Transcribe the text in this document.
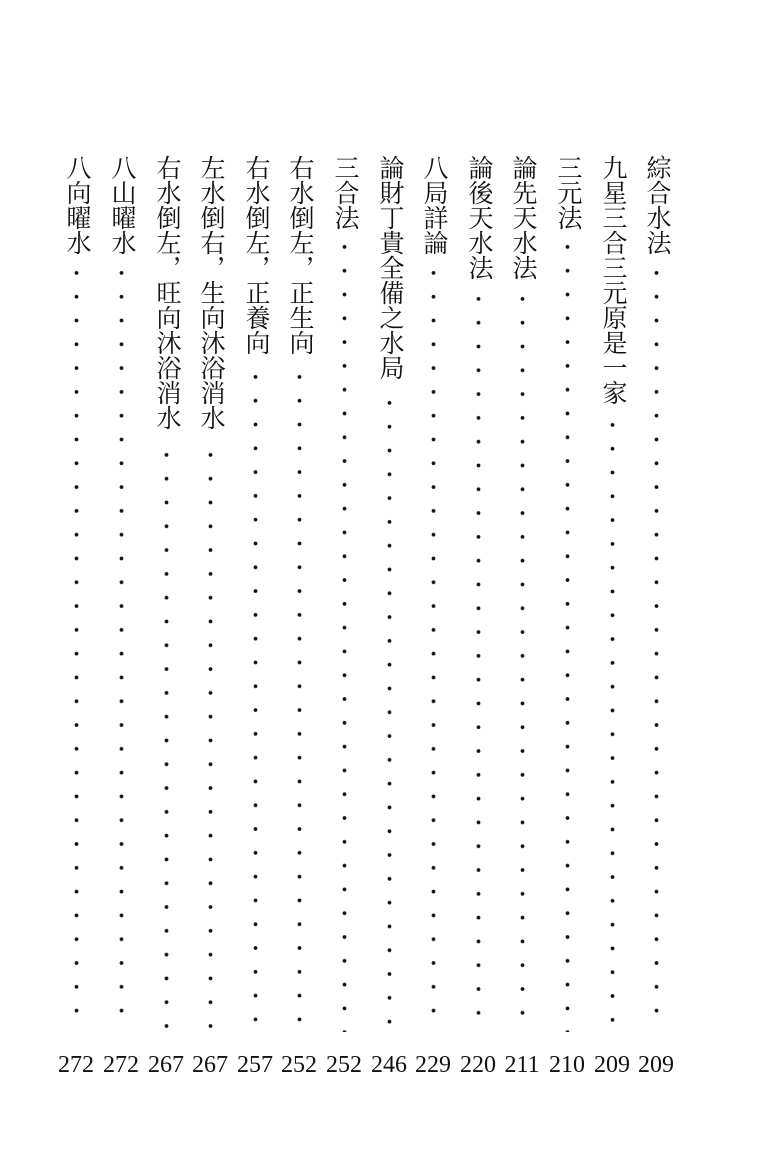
綜合水法
209
九星三合三元原是一家
209
三元法
210
論先天水法
211
論後天水法
220
八局詳論
229
論財丁貴全備之水局
246
三合法
252
右水倒左，正生向
252
右水倒左，正養向
257
左水倒右，生向沐浴消水
267
右水倒左，旺向沐浴消水
267
八山曜水
272
八向曜水
272
